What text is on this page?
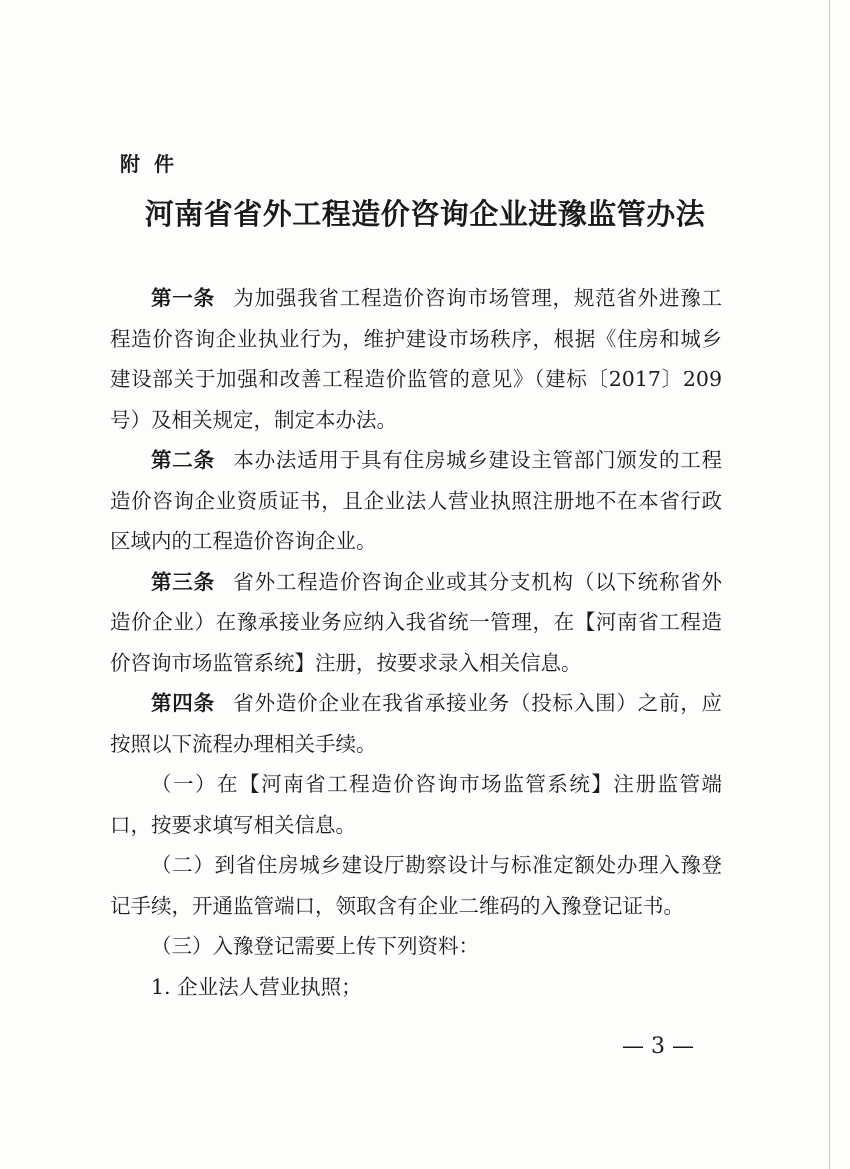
附件
河南省省外工程造价咨询企业进豫监管办法

第一条 为加强我省工程造价咨询市场管理，规范省外进豫工程造价咨询企业执业行为，维护建设市场秩序，根据《住房和城乡建设部关于加强和改善工程造价监管的意见》（建标〔2017〕209号）及相关规定，制定本办法。

第二条 本办法适用于具有住房城乡建设主管部门颁发的工程造价咨询企业资质证书，且企业法人营业执照注册地不在本省行政区域内的工程造价咨询企业。

第三条 省外工程造价咨询企业或其分支机构（以下统称省外造价企业）在豫承接业务应纳入我省统一管理，在【河南省工程造价咨询市场监管系统】注册，按要求录入相关信息。

第四条 省外造价企业在我省承接业务（投标入围）之前，应按照以下流程办理相关手续。

（一）在【河南省工程造价咨询市场监管系统】注册监管端口，按要求填写相关信息。

（二）到省住房城乡建设厅勘察设计与标准定额处办理入豫登记手续，开通监管端口，领取含有企业二维码的入豫登记证书。

（三）入豫登记需要上传下列资料：

1. 企业法人营业执照；

— 3 —
